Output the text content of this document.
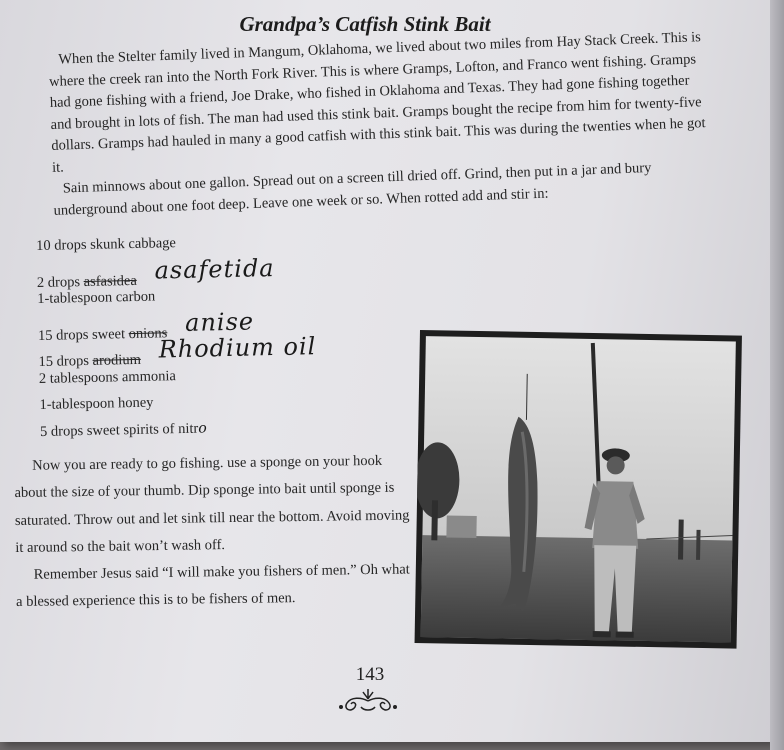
Grandpa’s Catfish Stink Bait

When the Stelter family lived in Mangum, Oklahoma, we lived about two miles from Hay Stack Creek. This is where the creek ran into the North Fork River. This is where Gramps, Lofton, and Franco went fishing. Gramps had gone fishing with a friend, Joe Drake, who fished in Oklahoma and Texas. They had gone fishing together and brought in lots of fish. The man had used this stink bait. Gramps bought the recipe from him for twenty-five dollars. Gramps had hauled in many a good catfish with this stink bait. This was during the twenties when he got it.

Sain minnows about one gallon. Spread out on a screen till dried off. Grind, then put in a jar and bury underground about one foot deep. Leave one week or so. When rotted add and stir in:

10 drops skunk cabbage
2 drops asfasidea asafetida
1-tablespoon carbon
15 drops sweet onions anise
15 drops arodium Rhodium oil
2 tablespoons ammonia
1-tablespoon honey
5 drops sweet spirits of nitro

Now you are ready to go fishing. use a sponge on your hook about the size of your thumb. Dip sponge into bait until sponge is saturated. Throw out and let sink till near the bottom. Avoid moving it around so the bait won’t wash off.

Remember Jesus said “I will make you fishers of men.” Oh what a blessed experience this is to be fishers of men.

143
